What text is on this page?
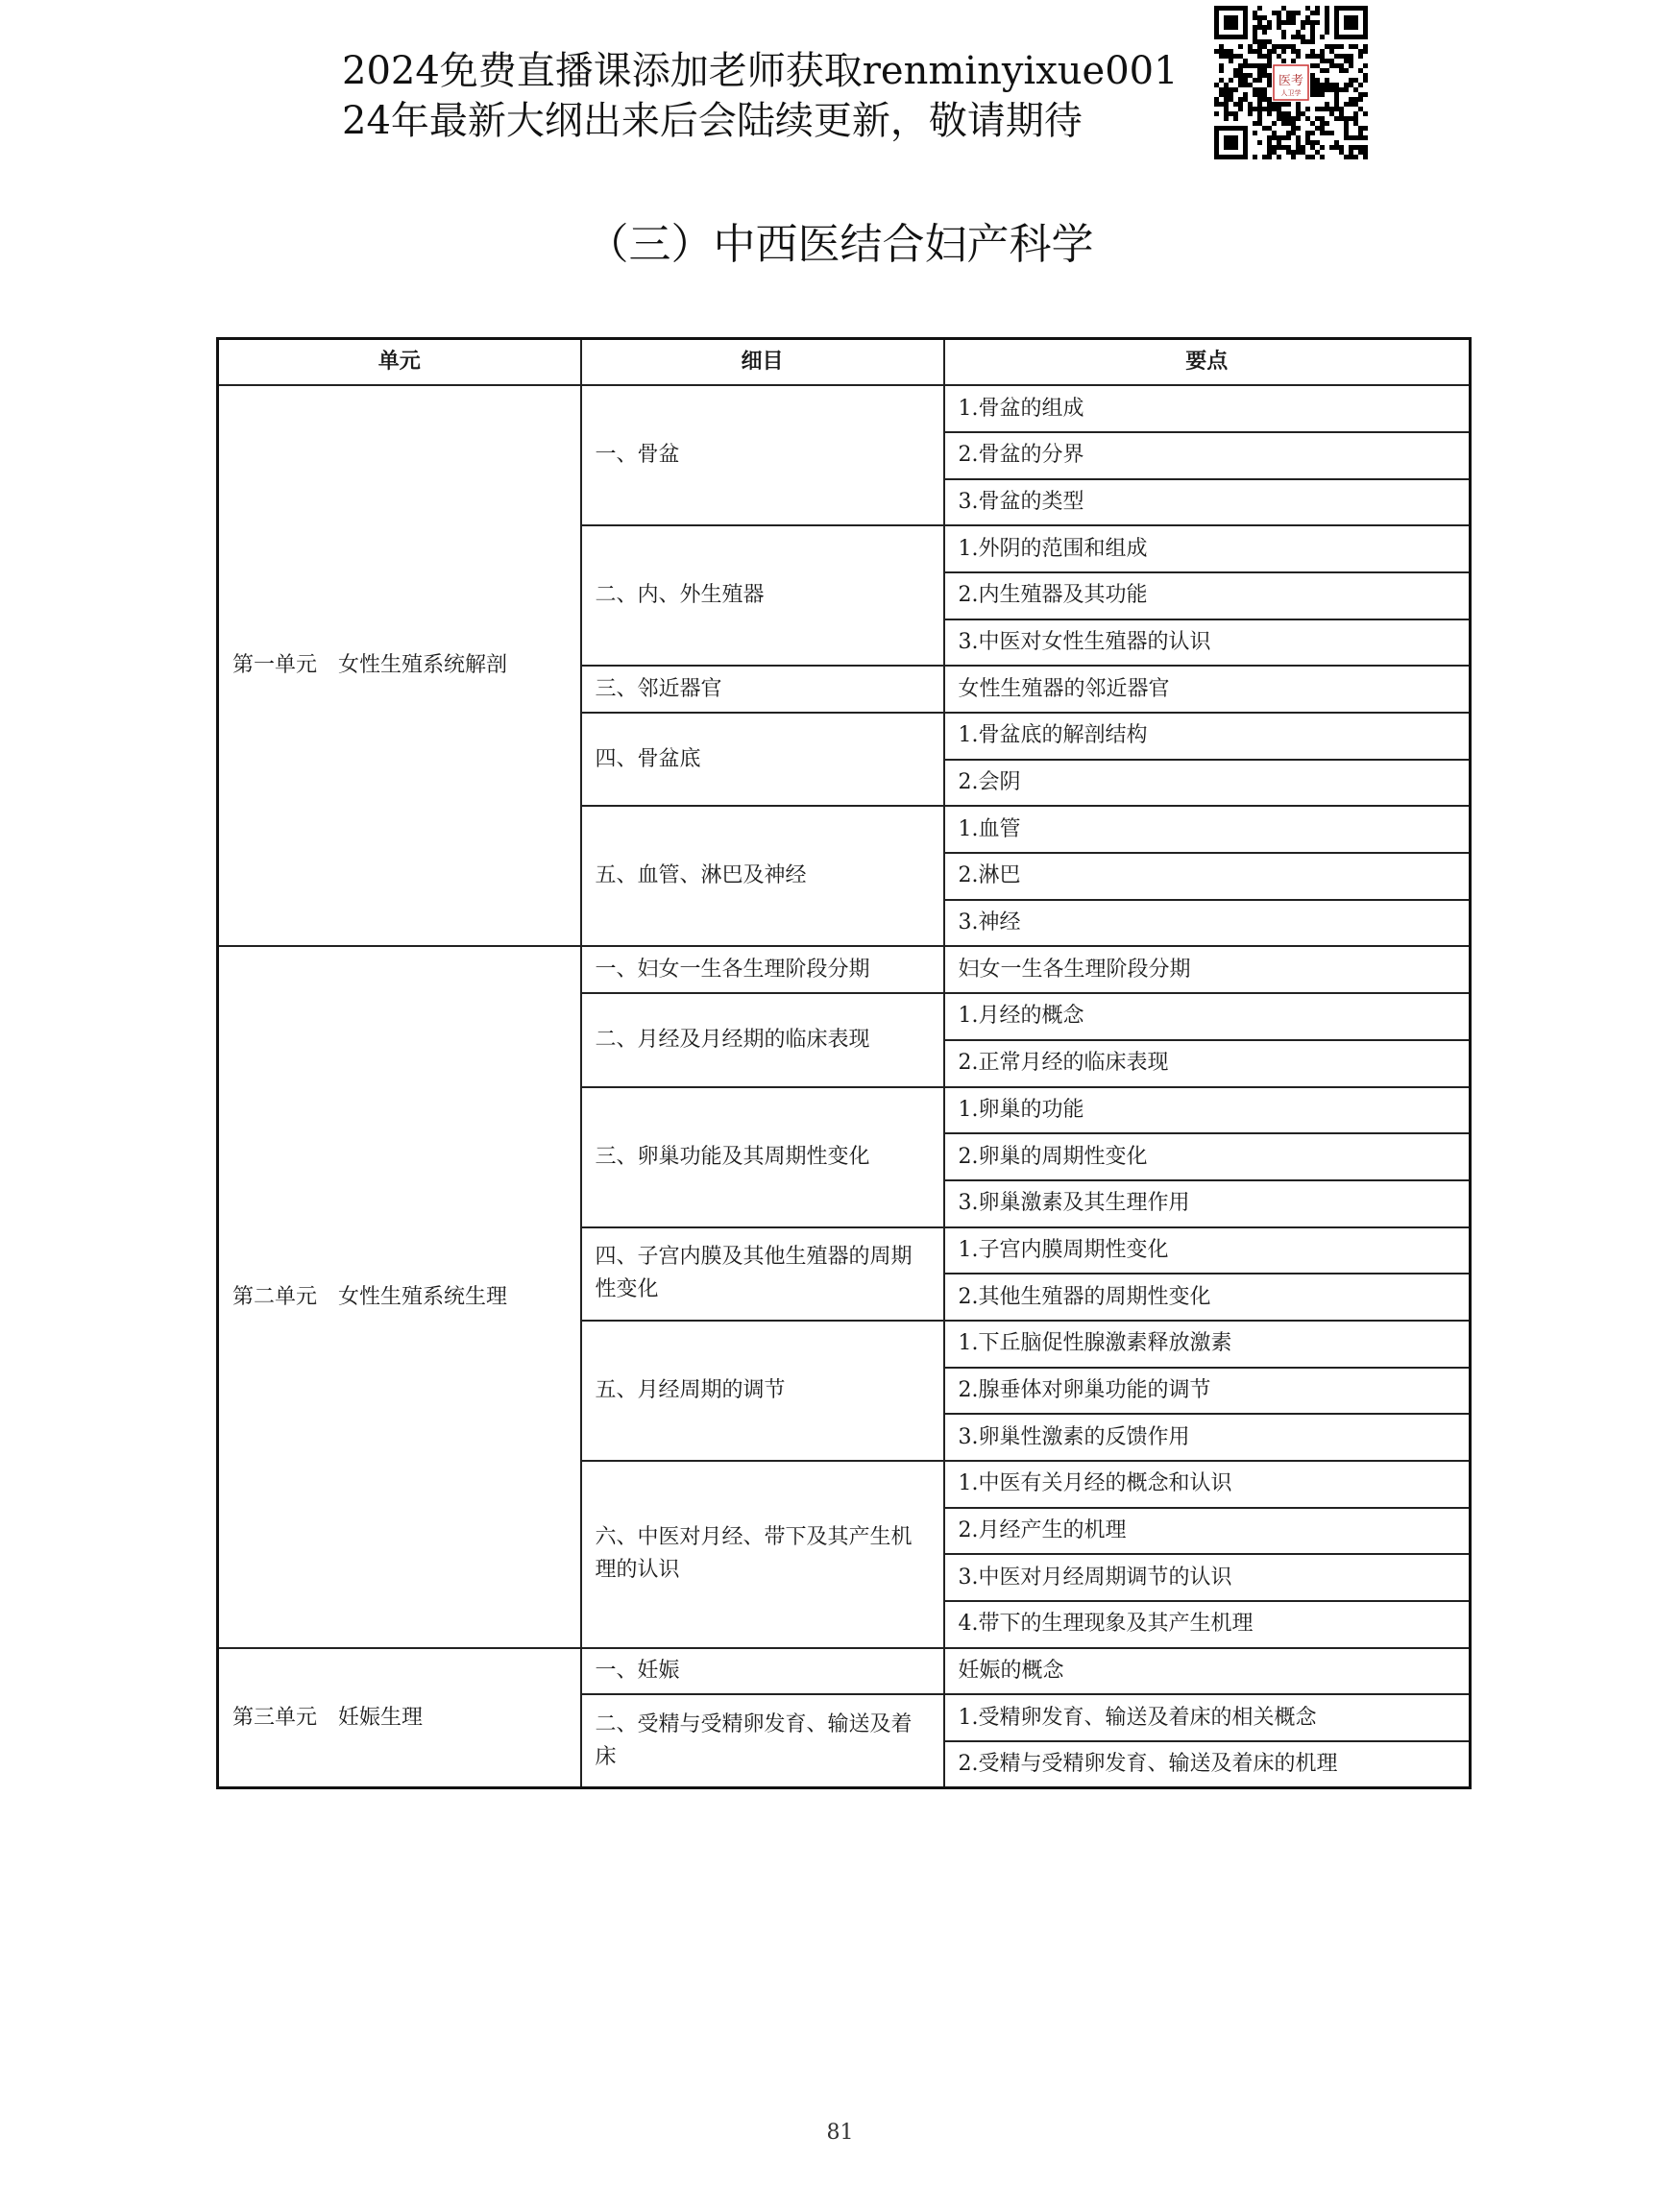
2024免费直播课添加老师获取renminyixue001
24年最新大纲出来后会陆续更新，敬请期待
医考
人卫学
（三）中西医结合妇产科学
单元	细目	要点
第一单元　女性生殖系统解剖	一、骨盆	1.骨盆的组成
		2.骨盆的分界
		3.骨盆的类型
	二、内、外生殖器	1.外阴的范围和组成
		2.内生殖器及其功能
		3.中医对女性生殖器的认识
	三、邻近器官	女性生殖器的邻近器官
	四、骨盆底	1.骨盆底的解剖结构
		2.会阴
	五、血管、淋巴及神经	1.血管
		2.淋巴
		3.神经
第二单元　女性生殖系统生理	一、妇女一生各生理阶段分期	妇女一生各生理阶段分期
	二、月经及月经期的临床表现	1.月经的概念
		2.正常月经的临床表现
	三、卵巢功能及其周期性变化	1.卵巢的功能
		2.卵巢的周期性变化
		3.卵巢激素及其生理作用
	四、子宫内膜及其他生殖器的周期性变化	1.子宫内膜周期性变化
		2.其他生殖器的周期性变化
	五、月经周期的调节	1.下丘脑促性腺激素释放激素
		2.腺垂体对卵巢功能的调节
		3.卵巢性激素的反馈作用
	六、中医对月经、带下及其产生机理的认识	1.中医有关月经的概念和认识
		2.月经产生的机理
		3.中医对月经周期调节的认识
		4.带下的生理现象及其产生机理
第三单元　妊娠生理	一、妊娠	妊娠的概念
	二、受精与受精卵发育、输送及着床	1.受精卵发育、输送及着床的相关概念
		2.受精与受精卵发育、输送及着床的机理
81
